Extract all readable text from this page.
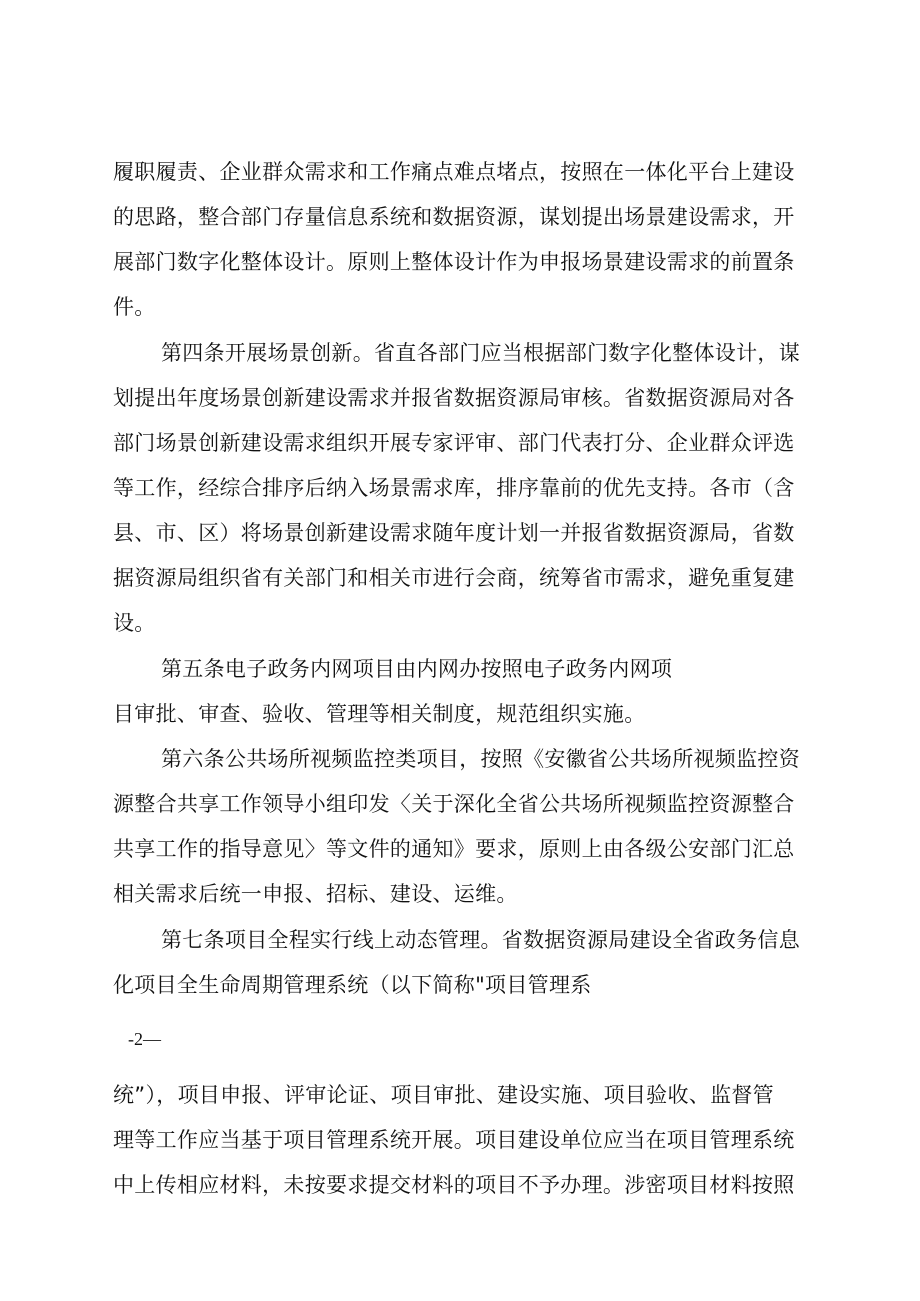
履职履责、企业群众需求和工作痛点难点堵点，按照在一体化平台上建设
的思路，整合部门存量信息系统和数据资源，谋划提出场景建设需求，开
展部门数字化整体设计。原则上整体设计作为申报场景建设需求的前置条
件。
第四条开展场景创新。省直各部门应当根据部门数字化整体设计，谋
划提出年度场景创新建设需求并报省数据资源局审核。省数据资源局对各
部门场景创新建设需求组织开展专家评审、部门代表打分、企业群众评选
等工作，经综合排序后纳入场景需求库，排序靠前的优先支持。各市（含
县、市、区）将场景创新建设需求随年度计划一并报省数据资源局，省数
据资源局组织省有关部门和相关市进行会商，统筹省市需求，避免重复建
设。
第五条电子政务内网项目由内网办按照电子政务内网项
目审批、审查、验收、管理等相关制度，规范组织实施。
第六条公共场所视频监控类项目，按照《安徽省公共场所视频监控资
源整合共享工作领导小组印发〈关于深化全省公共场所视频监控资源整合
共享工作的指导意见〉等文件的通知》要求，原则上由各级公安部门汇总
相关需求后统一申报、招标、建设、运维。
第七条项目全程实行线上动态管理。省数据资源局建设全省政务信息
化项目全生命周期管理系统（以下简称"项目管理系
-2—
统”），项目申报、评审论证、项目审批、建设实施、项目验收、监督管
理等工作应当基于项目管理系统开展。项目建设单位应当在项目管理系统
中上传相应材料，未按要求提交材料的项目不予办理。涉密项目材料按照
